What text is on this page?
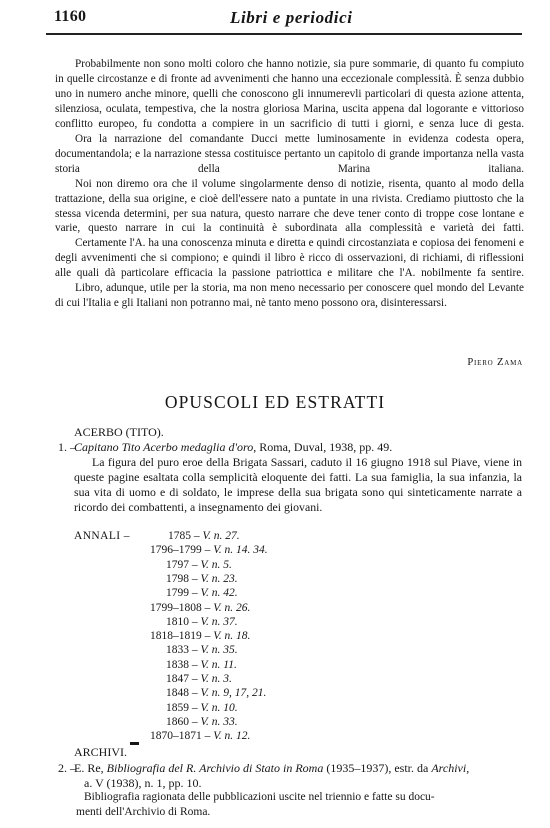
1160	Libri e periodici

Probabilmente non sono molti coloro che hanno notizie, sia pure sommarie, di quanto fu compiuto in quelle circostanze e di fronte ad avvenimenti che hanno una eccezionale complessità. È senza dubbio uno in numero anche minore, quelli che conoscono gli innumerevli particolari di questa azione attenta, silenziosa, oculata, tempestiva, che la nostra gloriosa Marina, uscita appena dal logorante e vittorioso conflitto europeo, fu condotta a compiere in un sacrificio di tutti i giorni, e senza luce di gesta.

Ora la narrazione del comandante Ducci mette luminosamente in evidenza codesta opera, documentandola; e la narrazione stessa costituisce pertanto un capitolo di grande importanza nella vasta storia della Marina italiana.

Noi non diremo ora che il volume singolarmente denso di notizie, risenta, quanto al modo della trattazione, della sua origine, e cioè dell'essere nato a puntate in una rivista. Crediamo piuttosto che la stessa vicenda determini, per sua natura, questo narrare che deve tener conto di troppe cose lontane e varie, questo narrare in cui la continuità è subordinata alla complessità e varietà dei fatti.

Certamente l'A. ha una conoscenza minuta e diretta e quindi circostanziata e copiosa dei fenomeni e degli avvenimenti che si compiono; e quindi il libro è ricco di osservazioni, di richiami, di riflessioni alle quali dà particolare efficacia la passione patriottica e militare che l'A. nobilmente fa sentire.

Libro, adunque, utile per la storia, ma non meno necessario per conoscere quel mondo del Levante di cui l'Italia e gli Italiani non potranno mai, nè tanto meno possono ora, disinteressarsi.

Piero Zama
OPUSCOLI ED ESTRATTI
ACERBO (TITO).
1. –
Capitano Tito Acerbo medaglia d'oro, Roma, Duval, 1938, pp. 49.

La figura del puro eroe della Brigata Sassari, caduto il 16 giugno 1918 sul Piave, viene in queste pagine esaltata colla semplicità eloquente dei fatti. La sua famiglia, la sua infanzia, la sua vita di uomo e di soldato, le imprese della sua brigata sono qui sinteticamente narrate a ricordo dei combattenti, a insegnamento dei giovani.

ANNALI –	1785 – V. n. 27.
1796–1799 – V. n. 14. 34.
1797 – V. n. 5.
1798 – V. n. 23.
1799 – V. n. 42.
1799–1808 – V. n. 26.
1810 – V. n. 37.
1818–1819 – V. n. 18.
1833 – V. n. 35.
1838 – V. n. 11.
1847 – V. n. 3.
1848 – V. n. 9, 17, 21.
1859 – V. n. 10.
1860 – V. n. 33.
1870–1871 – V. n. 12.
ARCHIVI.
2. –
E. Re, Bibliografia del R. Archivio di Stato in Roma (1935–1937), estr. da Archivi,
a. V (1938), n. 1, pp. 10.
Bibliografia ragionata delle pubblicazioni uscite nel triennio e fatte su docu-
menti dell'Archivio di Roma.
